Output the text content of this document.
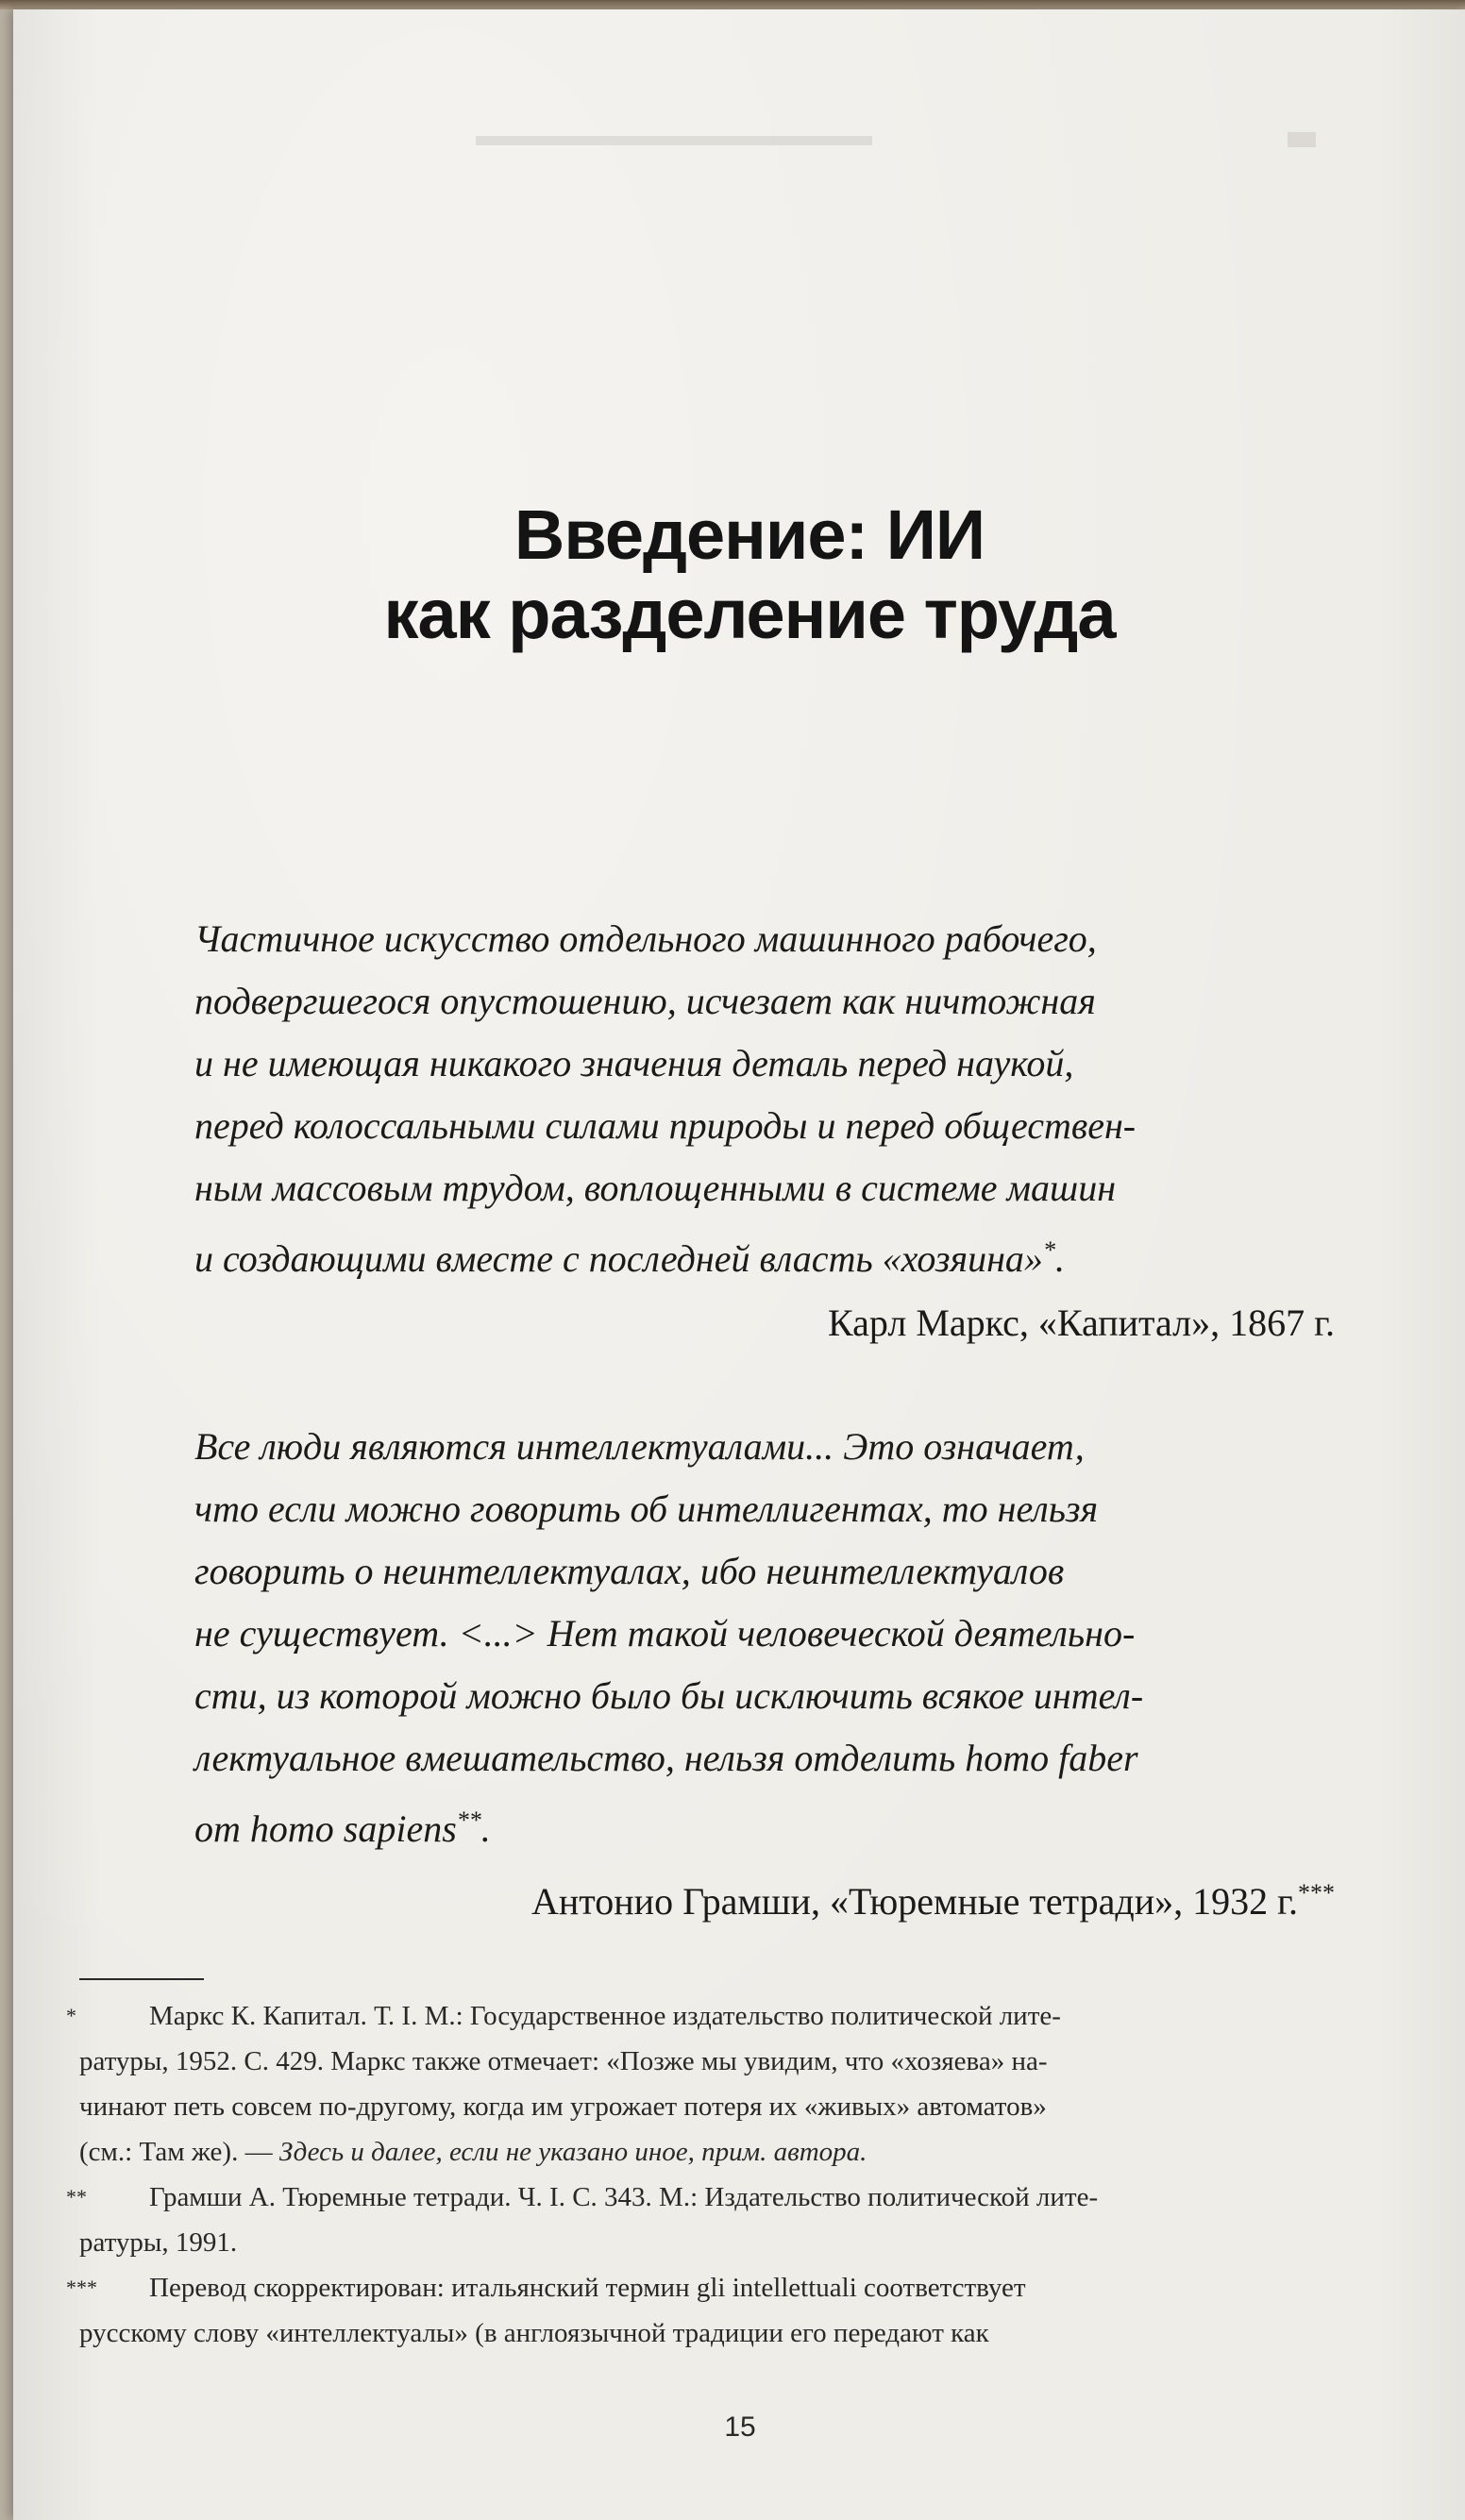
Введение: ИИ
как разделение труда
Частичное искусство отдельного машинного рабочего,
подвергшегося опустошению, исчезает как ничтожная
и не имеющая никакого значения деталь перед наукой,
перед колоссальными силами природы и перед обществен-
ным массовым трудом, воплощенными в системе машин
и создающими вместе с последней власть «хозяина»*.
Карл Маркс, «Капитал», 1867 г.
Все люди являются интеллектуалами... Это означает,
что если можно говорить об интеллигентах, то нельзя
говорить о неинтеллектуалах, ибо неинтеллектуалов
не существует. <...> Нет такой человеческой деятельно-
сти, из которой можно было бы исключить всякое интел-
лектуальное вмешательство, нельзя отделить homo faber
от homo sapiens**.
Антонио Грамши, «Тюремные тетради», 1932 г.***
*	Маркс К. Капитал. Т. I. М.: Государственное издательство политической лите-
ратуры, 1952. С. 429. Маркс также отмечает: «Позже мы увидим, что «хозяева» на-
чинают петь совсем по-другому, когда им угрожает потеря их «живых» автоматов»
(см.: Там же). — Здесь и далее, если не указано иное, прим. автора.
**	Грамши А. Тюремные тетради. Ч. I. С. 343. М.: Издательство политической лите-
ратуры, 1991.
***	Перевод скорректирован: итальянский термин gli intellettuali соответствует
русскому слову «интеллектуалы» (в англоязычной традиции его передают как
15
